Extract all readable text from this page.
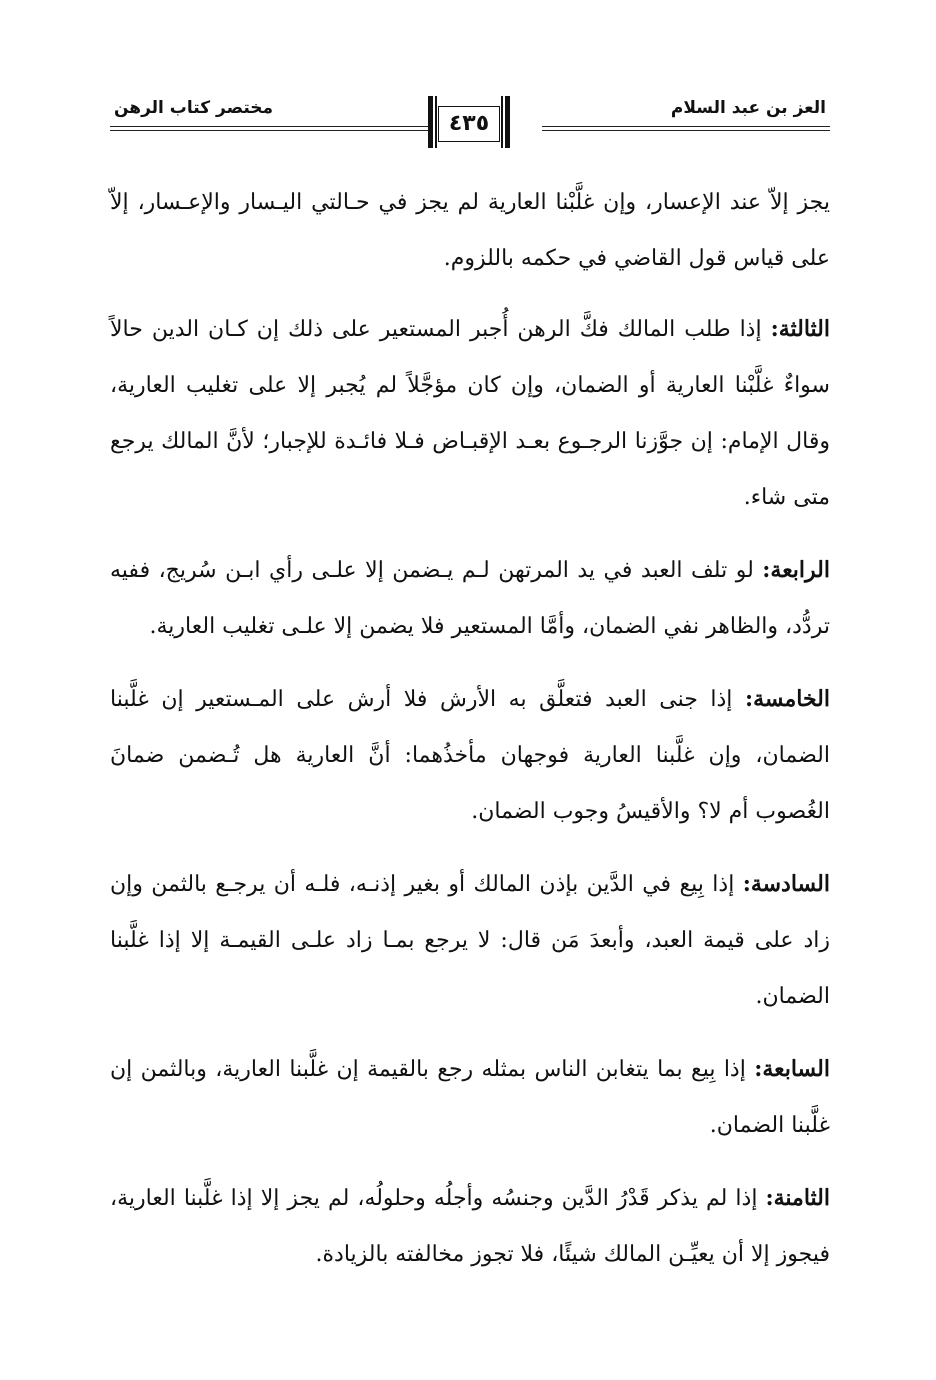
العز بن عبد السلام
مختصر كتاب الرهن
٤٣٥

يجز إلاّ عند الإعسار، وإن غلَّبْنا العارية لم يجز في حـالتي اليـسار والإعـسار، إلاّ على قياس قول القاضي في حكمه باللزوم.

الثالثة: إذا طلب المالك فكَّ الرهن أُجبر المستعير على ذلك إن كـان الدين حالاً سواءٌ غلَّبْنا العارية أو الضمان، وإن كان مؤجَّلاً لم يُجبر إلا على تغليب العارية، وقال الإمام: إن جوَّزنا الرجـوع بعـد الإقبـاض فـلا فائـدة للإجبار؛ لأنَّ المالك يرجع متى شاء.

الرابعة: لو تلف العبد في يد المرتهن لـم يـضمن إلا علـى رأي ابـن سُريج، ففيه تردُّد، والظاهر نفي الضمان، وأمَّا المستعير فلا يضمن إلا علـى تغليب العارية.

الخامسة: إذا جنى العبد فتعلَّق به الأرش فلا أرش على المـستعير إن غلَّبنا الضمان، وإن غلَّبنا العارية فوجهان مأخذُهما: أنَّ العارية هل تُـضمن ضمانَ الغُصوب أم لا؟ والأقيسُ وجوب الضمان.

السادسة: إذا بِيع في الدَّين بإذن المالك أو بغير إذنـه، فلـه أن يرجـع بالثمن وإن زاد على قيمة العبد، وأبعدَ مَن قال: لا يرجع بمـا زاد علـى القيمـة إلا إذا غلَّبنا الضمان.

السابعة: إذا بِيع بما يتغابن الناس بمثله رجع بالقيمة إن غلَّبنا العارية، وبالثمن إن غلَّبنا الضمان.

الثامنة: إذا لم يذكر قَدْرُ الدَّين وجنسُه وأجلُه وحلولُه، لم يجز إلا إذا غلَّبنا العارية، فيجوز إلا أن يعيِّـن المالك شيئًا، فلا تجوز مخالفته بالزيادة.
